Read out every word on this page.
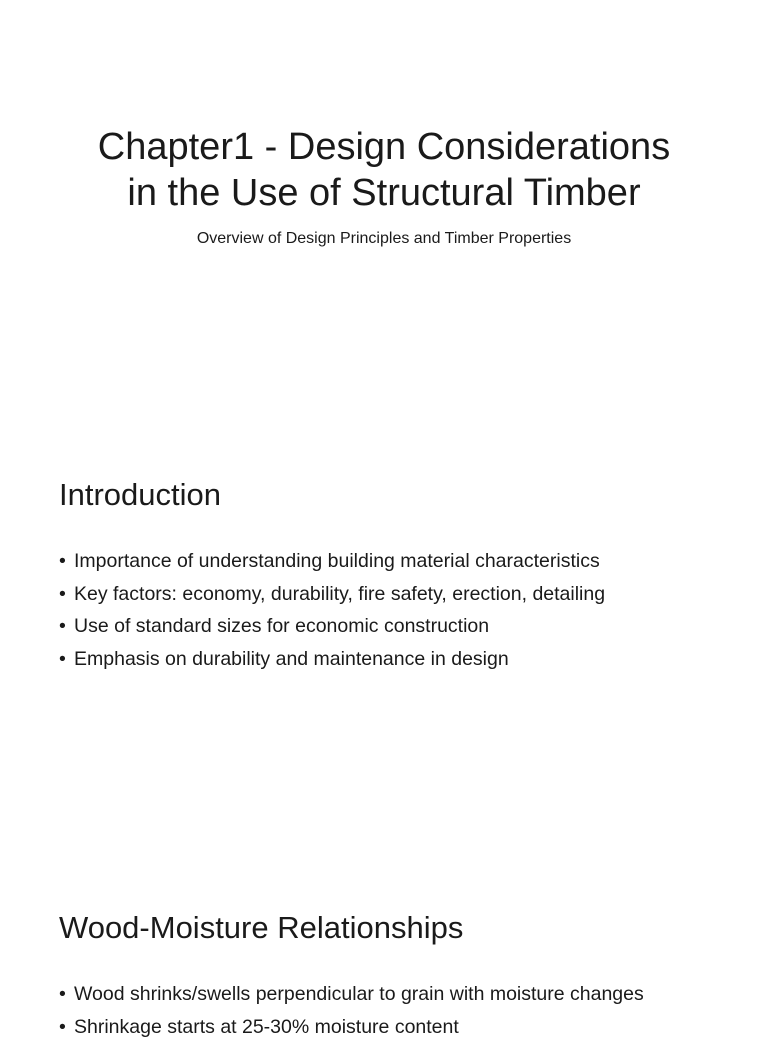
Chapter1 - Design Considerations
in the Use of Structural Timber

Overview of Design Principles and Timber Properties

Introduction
• Importance of understanding building material characteristics
• Key factors: economy, durability, fire safety, erection, detailing
• Use of standard sizes for economic construction
• Emphasis on durability and maintenance in design
Wood-Moisture Relationships
• Wood shrinks/swells perpendicular to grain with moisture changes
• Shrinkage starts at 25-30% moisture content
